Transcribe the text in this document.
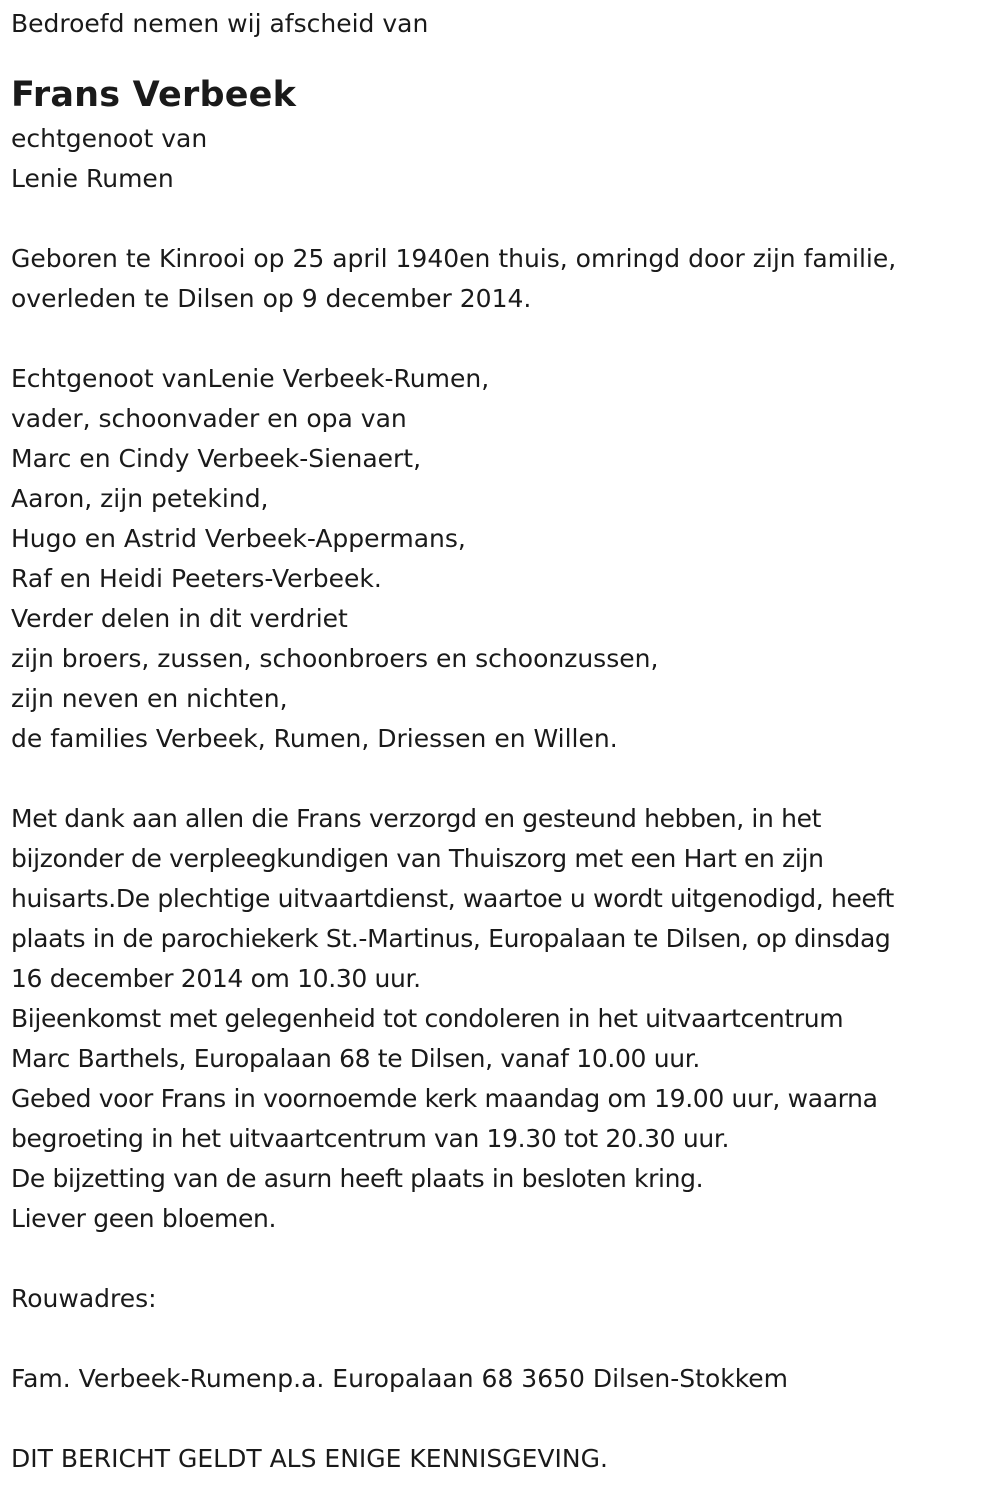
Bedroefd nemen wij afscheid van

Frans Verbeek

echtgenoot van

Lenie Rumen

Geboren te Kinrooi op 25 april 1940en thuis, omringd door zijn familie,

overleden te Dilsen op 9 december 2014.

Echtgenoot vanLenie Verbeek-Rumen,

vader, schoonvader en opa van

Marc en Cindy Verbeek-Sienaert,

Aaron, zijn petekind,

Hugo en Astrid Verbeek-Appermans,

Raf en Heidi Peeters-Verbeek.

Verder delen in dit verdriet

zijn broers, zussen, schoonbroers en schoonzussen,

zijn neven en nichten,

de families Verbeek, Rumen, Driessen en Willen.

Met dank aan allen die Frans verzorgd en gesteund hebben, in het

bijzonder de verpleegkundigen van Thuiszorg met een Hart en zijn

huisarts.De plechtige uitvaartdienst, waartoe u wordt uitgenodigd, heeft

plaats in de parochiekerk St.-Martinus, Europalaan te Dilsen, op dinsdag

16 december 2014 om 10.30 uur.

Bijeenkomst met gelegenheid tot condoleren in het uitvaartcentrum

Marc Barthels, Europalaan 68 te Dilsen, vanaf 10.00 uur.

Gebed voor Frans in voornoemde kerk maandag om 19.00 uur, waarna

begroeting in het uitvaartcentrum van 19.30 tot 20.30 uur.

De bijzetting van de asurn heeft plaats in besloten kring.

Liever geen bloemen.

Rouwadres:

Fam. Verbeek-Rumenp.a. Europalaan 68 3650 Dilsen-Stokkem

DIT BERICHT GELDT ALS ENIGE KENNISGEVING.
